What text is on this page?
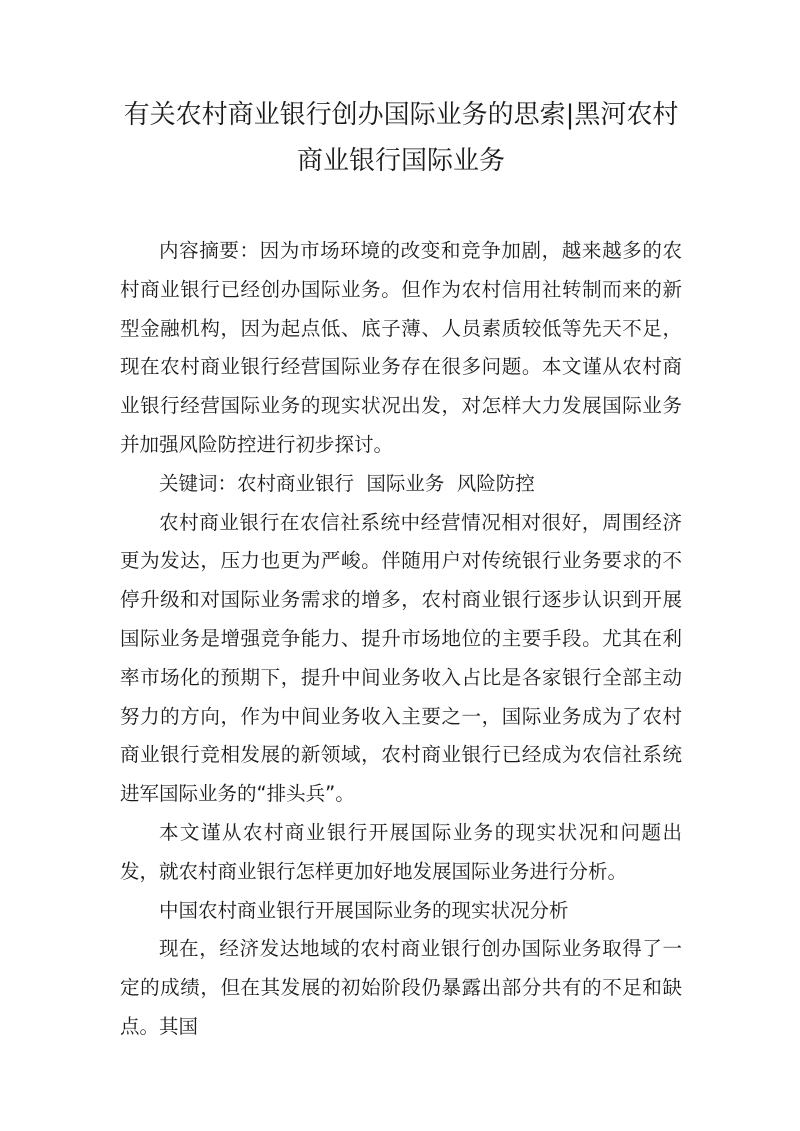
有关农村商业银行创办国际业务的思索|黑河农村商业银行国际业务

内容摘要：因为市场环境的改变和竞争加剧，越来越多的农村商业银行已经创办国际业务。但作为农村信用社转制而来的新型金融机构，因为起点低、底子薄、人员素质较低等先天不足，现在农村商业银行经营国际业务存在很多问题。本文谨从农村商业银行经营国际业务的现实状况出发，对怎样大力发展国际业务并加强风险防控进行初步探讨。

关键词：农村商业银行  国际业务  风险防控

农村商业银行在农信社系统中经营情况相对很好，周围经济更为发达，压力也更为严峻。伴随用户对传统银行业务要求的不停升级和对国际业务需求的增多，农村商业银行逐步认识到开展国际业务是增强竞争能力、提升市场地位的主要手段。尤其在利率市场化的预期下，提升中间业务收入占比是各家银行全部主动努力的方向，作为中间业务收入主要之一，国际业务成为了农村商业银行竞相发展的新领域，农村商业银行已经成为农信社系统进军国际业务的“排头兵”。

本文谨从农村商业银行开展国际业务的现实状况和问题出发，就农村商业银行怎样更加好地发展国际业务进行分析。

中国农村商业银行开展国际业务的现实状况分析

现在，经济发达地域的农村商业银行创办国际业务取得了一定的成绩，但在其发展的初始阶段仍暴露出部分共有的不足和缺点。其国
